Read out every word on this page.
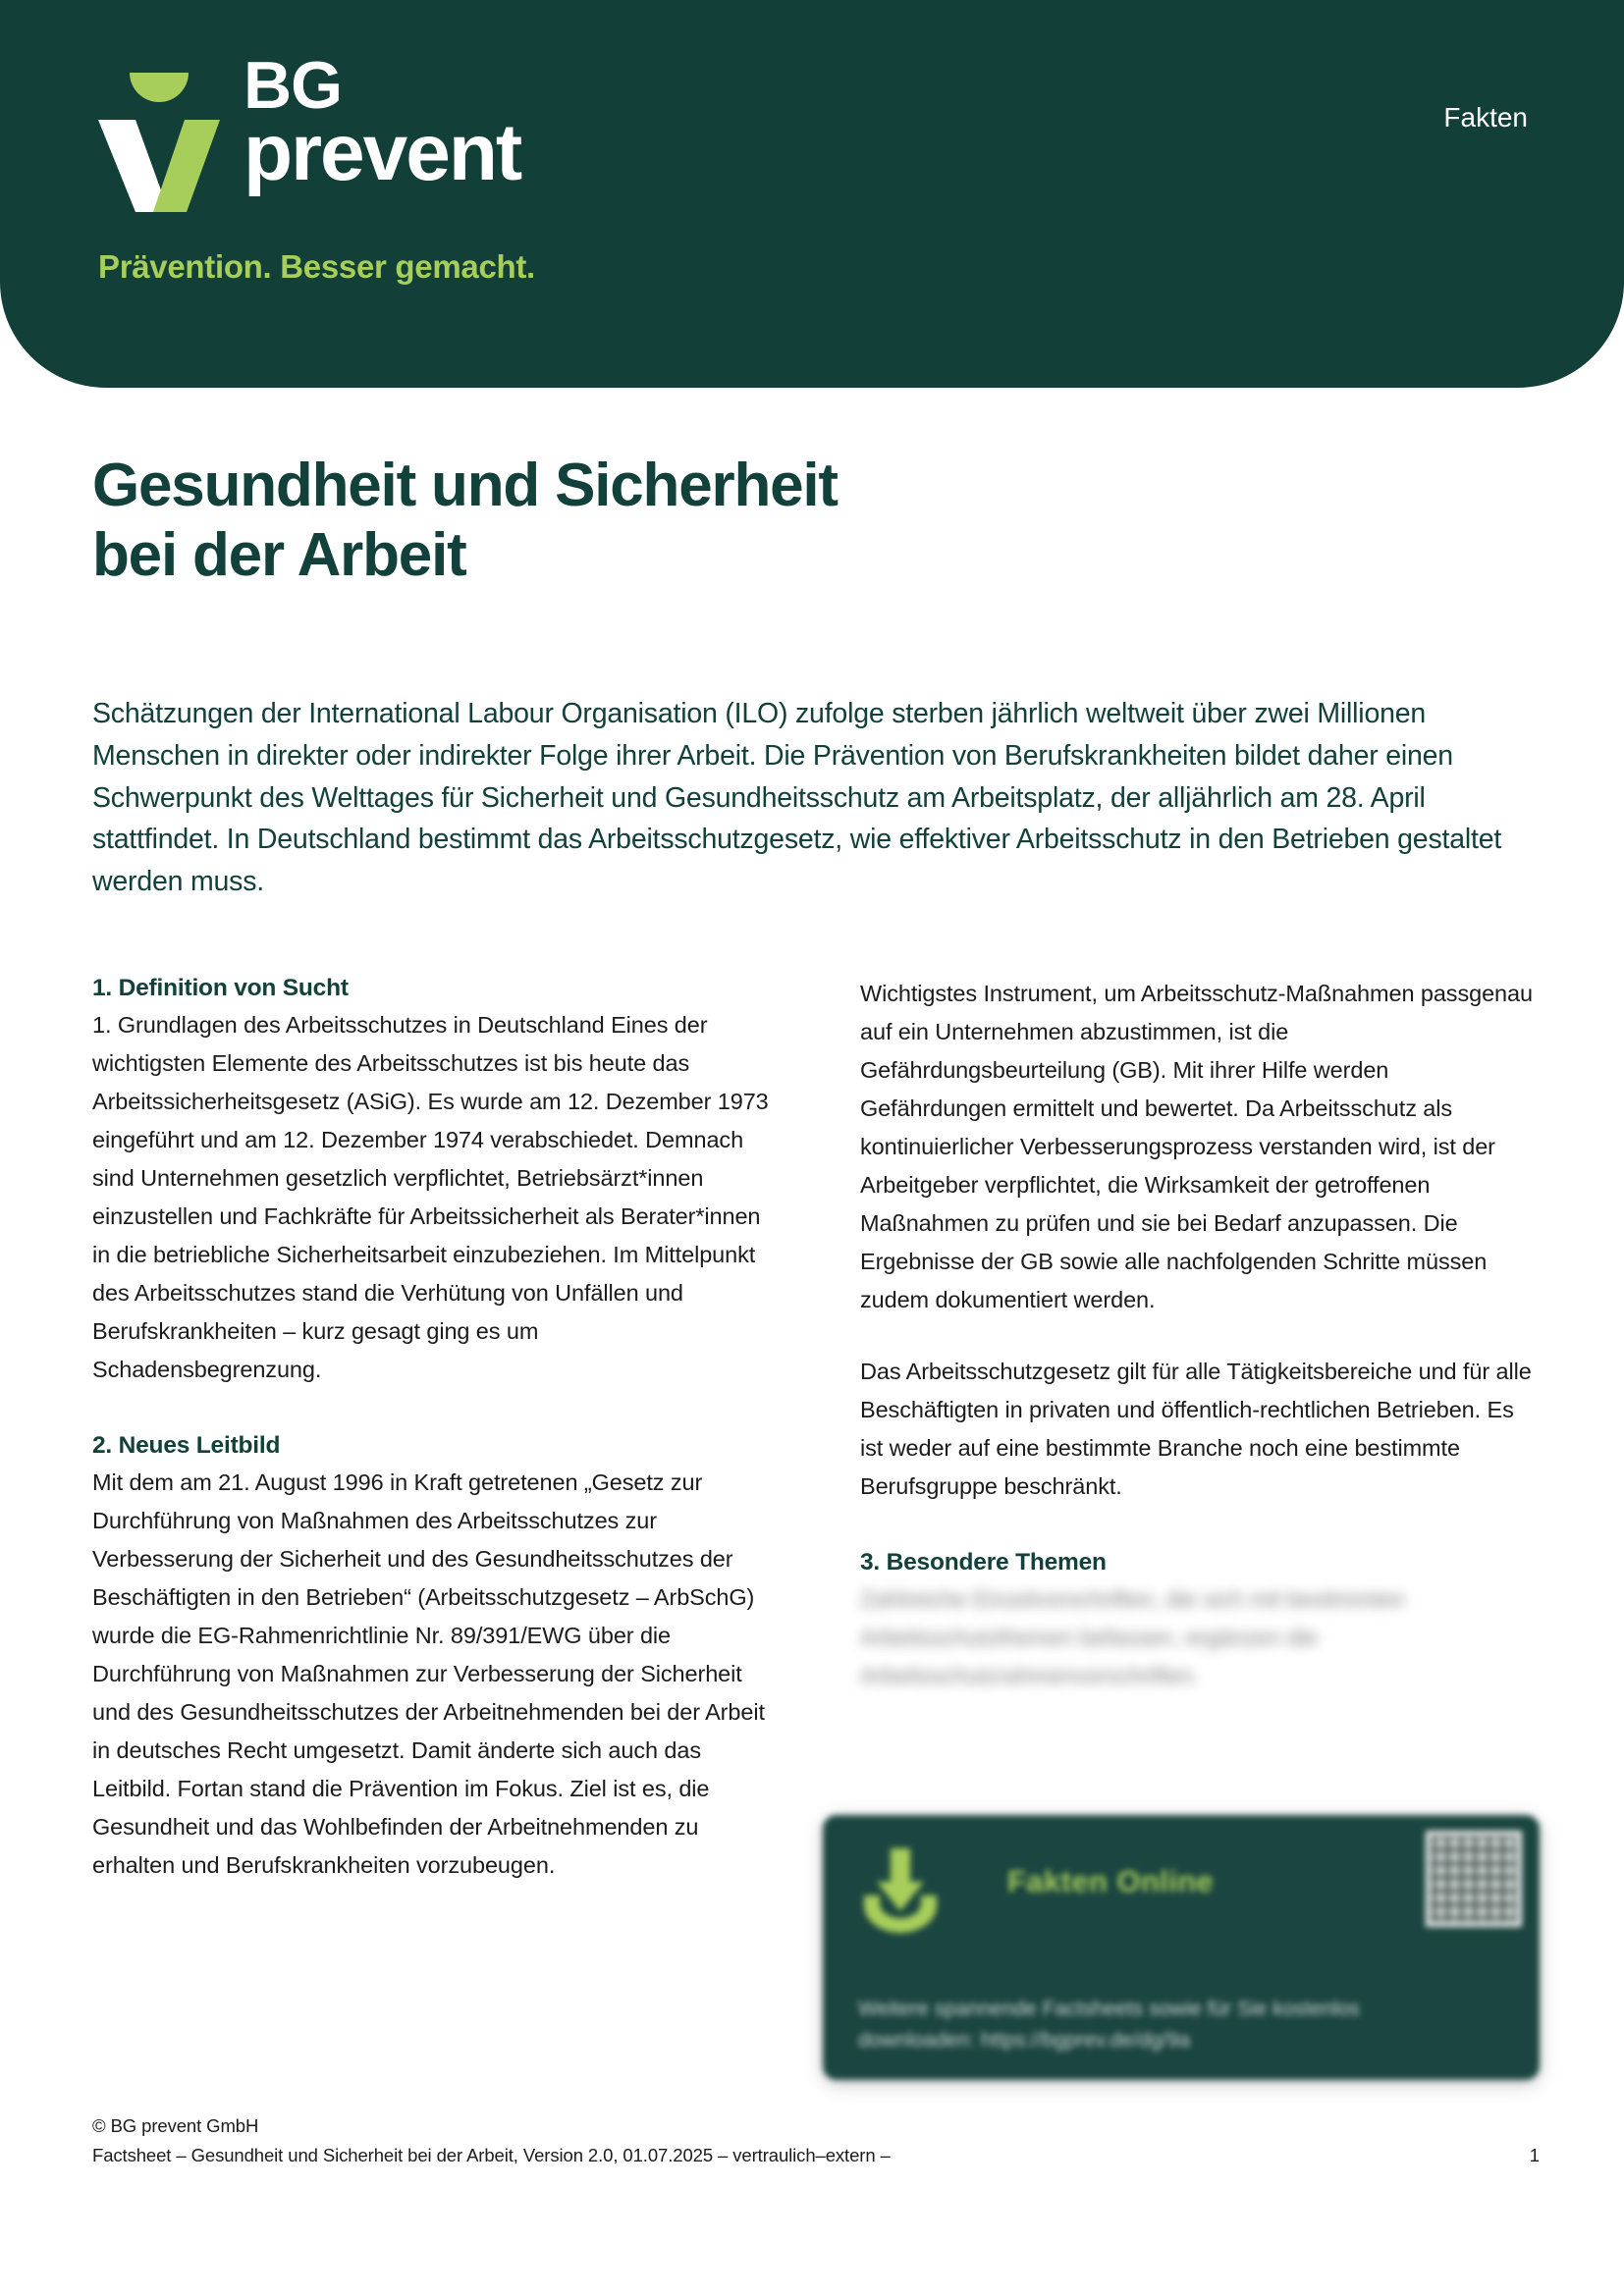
BG
prevent
Prävention. Besser gemacht.
Fakten
Gesundheit und Sicherheit
bei der Arbeit

Schätzungen der International Labour Organisation (ILO) zufolge sterben jährlich weltweit über zwei Millionen Menschen in direkter oder indirekter Folge ihrer Arbeit. Die Prävention von Berufskrankheiten bildet daher einen Schwerpunkt des Welttages für Sicherheit und Gesundheitsschutz am Arbeitsplatz, der alljährlich am 28. April stattfindet. In Deutschland bestimmt das Arbeitsschutzgesetz, wie effektiver Arbeitsschutz in den Betrieben gestaltet werden muss.

1. Definition von Sucht

1. Grundlagen des Arbeitsschutzes in Deutschland Eines der wichtigsten Elemente des Arbeitsschutzes ist bis heute das Arbeitssicherheitsgesetz (ASiG). Es wurde am 12. Dezember 1973 eingeführt und am 12. Dezember 1974 verabschiedet. Demnach sind Unternehmen gesetzlich verpflichtet, Betriebsärzt*innen einzustellen und Fachkräfte für Arbeitssicherheit als Berater*innen in die betriebliche Sicherheitsarbeit einzubeziehen. Im Mittelpunkt des Arbeitsschutzes stand die Verhütung von Unfällen und Berufskrankheiten – kurz gesagt ging es um Schadensbegrenzung.

2. Neues Leitbild

Mit dem am 21. August 1996 in Kraft getretenen „Gesetz zur Durchführung von Maßnahmen des Arbeitsschutzes zur Verbesserung der Sicherheit und des Gesundheitsschutzes der Beschäftigten in den Betrieben“ (Arbeitsschutzgesetz – ArbSchG) wurde die EG-Rahmenrichtlinie Nr. 89/391/EWG über die Durchführung von Maßnahmen zur Verbesserung der Sicherheit und des Gesundheitsschutzes der Arbeitnehmenden bei der Arbeit in deutsches Recht umgesetzt. Damit änderte sich auch das Leitbild. Fortan stand die Prävention im Fokus. Ziel ist es, die Gesundheit und das Wohlbefinden der Arbeitnehmenden zu erhalten und Berufskrankheiten vorzubeugen.

Wichtigstes Instrument, um Arbeitsschutz-Maßnahmen passgenau auf ein Unternehmen abzustimmen, ist die Gefährdungsbeurteilung (GB). Mit ihrer Hilfe werden Gefährdungen ermittelt und bewertet. Da Arbeitsschutz als kontinuierlicher Verbesserungsprozess verstanden wird, ist der Arbeitgeber verpflichtet, die Wirksamkeit der getroffenen Maßnahmen zu prüfen und sie bei Bedarf anzupassen. Die Ergebnisse der GB sowie alle nachfolgenden Schritte müssen zudem dokumentiert werden.

Das Arbeitsschutzgesetz gilt für alle Tätigkeitsbereiche und für alle Beschäftigten in privaten und öffentlich-rechtlichen Betrieben. Es ist weder auf eine bestimmte Branche noch eine bestimmte Berufsgruppe beschränkt.

3. Besondere Themen

Zahlreiche Einzelvorschriften, die sich mit bestimmten Arbeitsschutzthemen befassen, ergänzen die Arbeitsschutzrahmenvorschriften.

Fakten Online
Weitere spannende Factsheets sowie für Sie kostenlos downloaden: https://bgprev.de/dg/9a
© BG prevent GmbH
Factsheet – Gesundheit und Sicherheit bei der Arbeit, Version 2.0, 01.07.2025 – vertraulich–extern –	1
